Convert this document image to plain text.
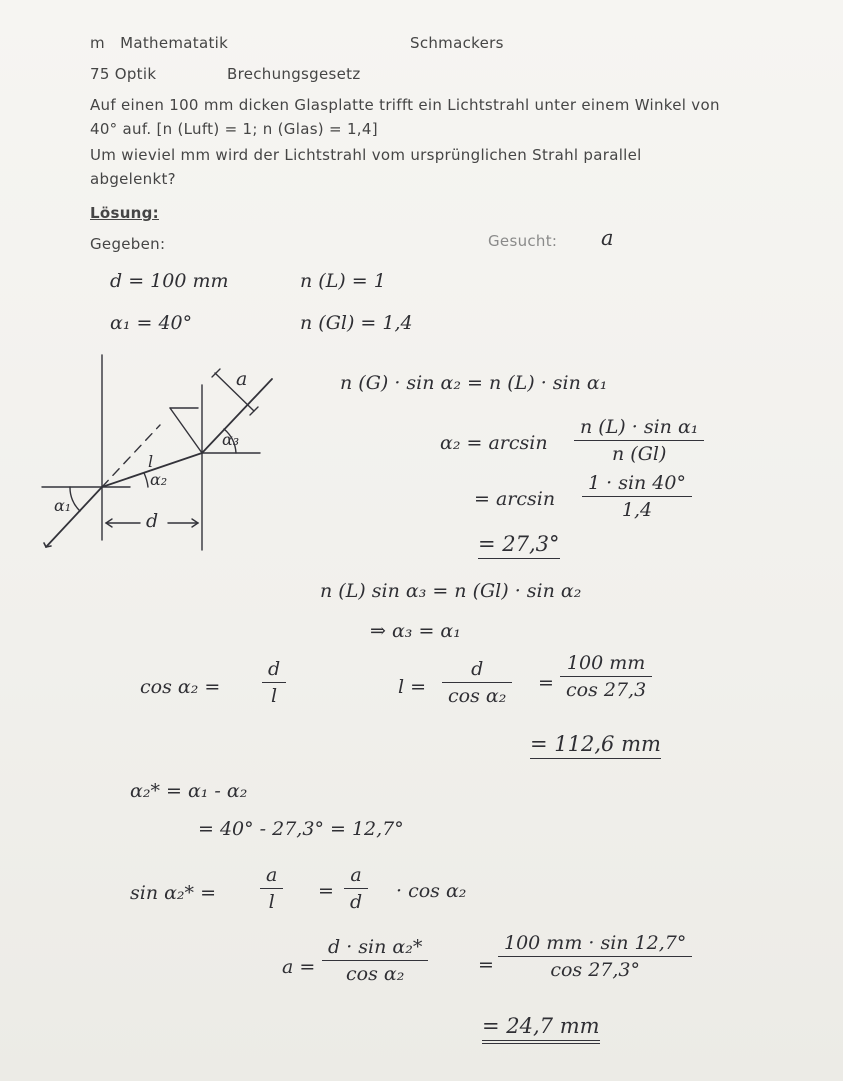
m Mathematatik	Schmackers
75 Optik	Brechungsgesetz
Auf einen 100 mm dicken Glasplatte trifft ein Lichtstrahl unter einem Winkel von
40° auf. [n (Luft) = 1; n (Glas) = 1,4]
Um wieviel mm wird der Lichtstrahl vom ursprünglichen Strahl parallel
abgelenkt?
Lösung:
Gegeben:	Gesucht: a
d = 100 mm	n (L) = 1
α₁ = 40°	n (Gl) = 1,4
a
α₃
l
α₂
α₁
d
n (G) · sin α₂ = n (L) · sin α₁
α₂ = arcsin
n (L) · sin α₁
n (Gl)
= arcsin
1 · sin 40°
1,4
= 27,3°
n (L) sin α₃ = n (Gl) · sin α₂
⇒ α₃ = α₁
cos α₂ =
d
l	l =
d
cos α₂
=
100 mm
cos 27,3
= 112,6 mm
α₂* = α₁ - α₂
= 40° - 27,3° = 12,7°
sin α₂* =
a
l	=
a
d	· cos α₂
a =
d · sin α₂*
cos α₂	=
100 mm · sin 12,7°
cos 27,3°
= 24,7 mm
